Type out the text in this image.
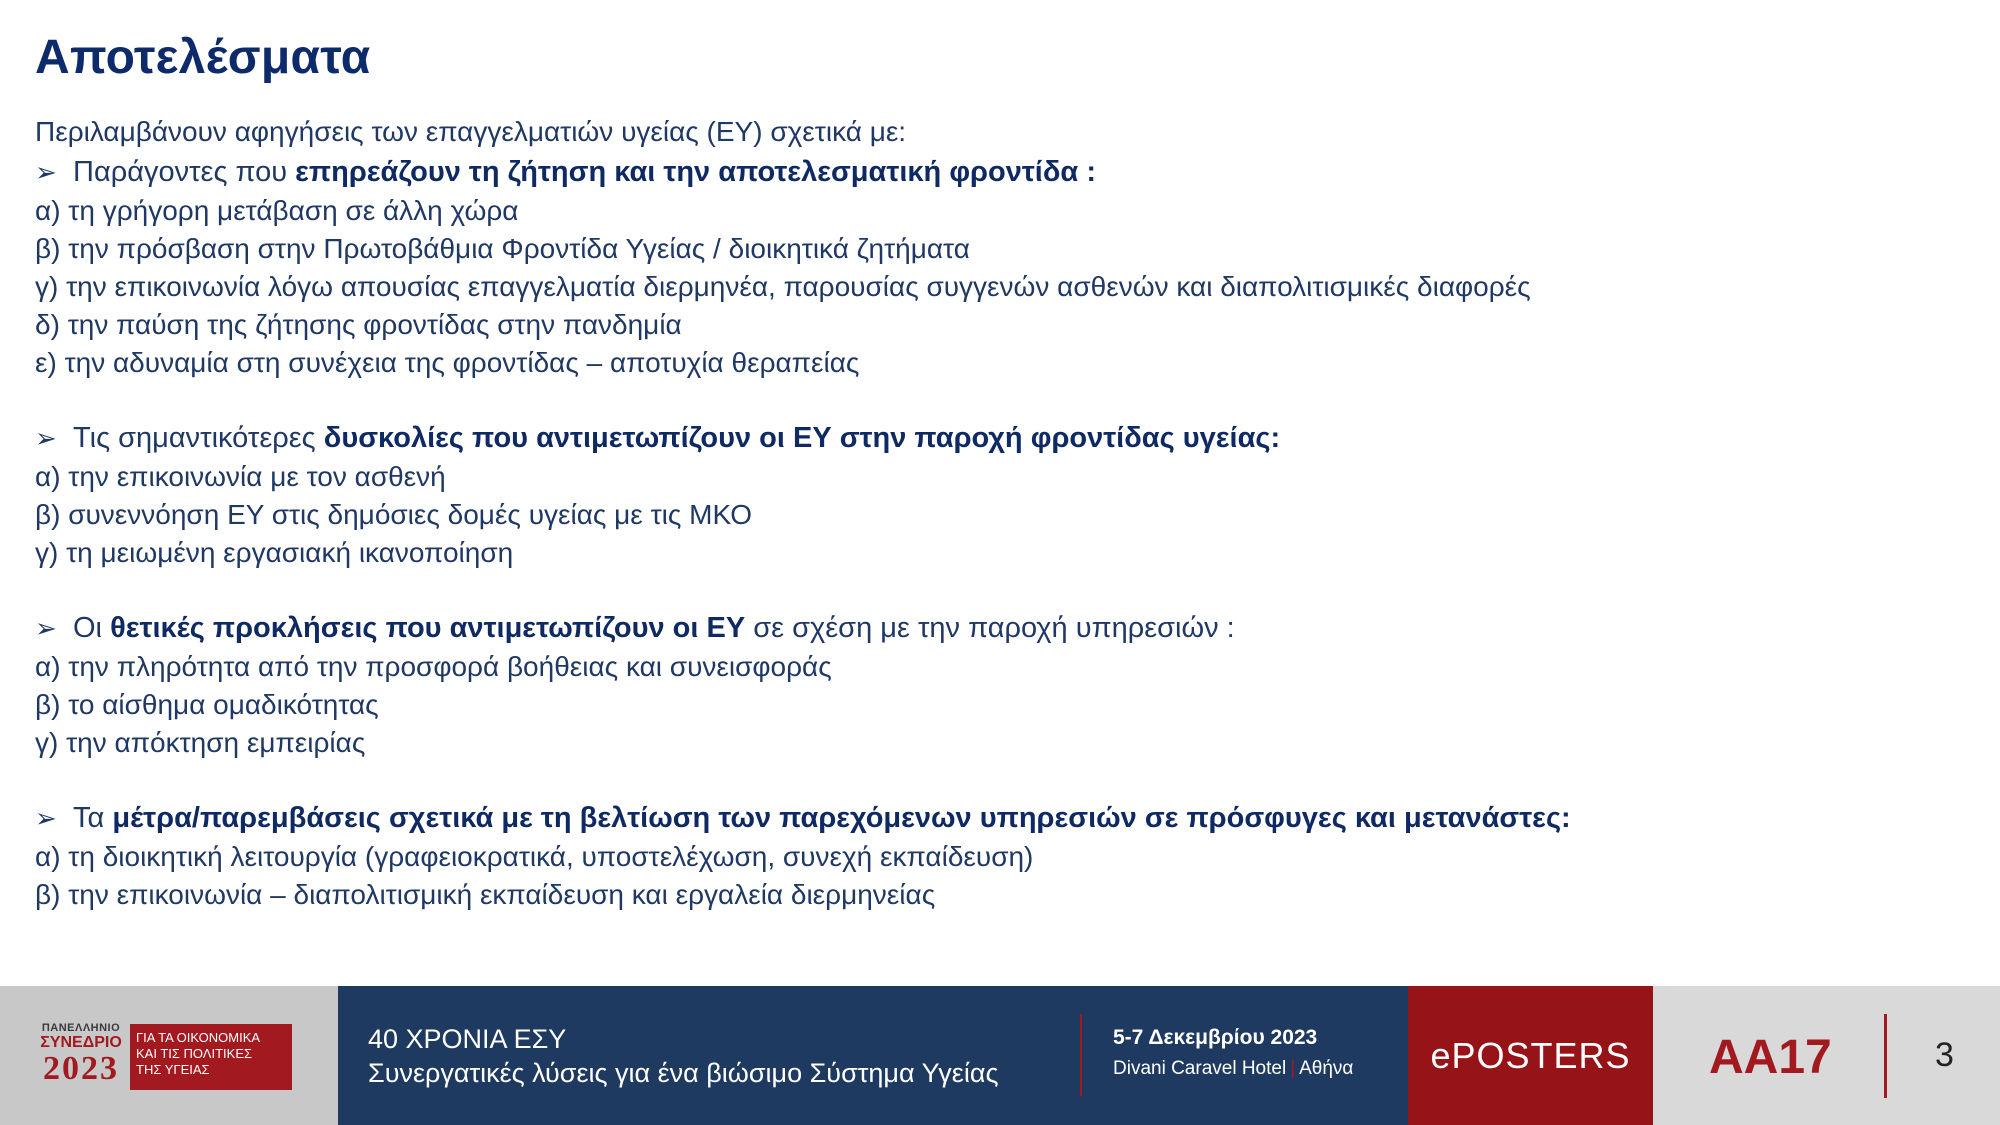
Αποτελέσματα
Περιλαμβάνουν αφηγήσεις των επαγγελματιών υγείας (ΕΥ) σχετικά με:
➢ Παράγοντες που επηρεάζουν τη ζήτηση και την αποτελεσματική φροντίδα :
α) τη γρήγορη μετάβαση σε άλλη χώρα
β) την πρόσβαση στην Πρωτοβάθμια Φροντίδα Υγείας / διοικητικά ζητήματα
γ) την επικοινωνία λόγω απουσίας επαγγελματία διερμηνέα, παρουσίας συγγενών ασθενών και διαπολιτισμικές διαφορές
δ) την παύση της ζήτησης φροντίδας στην πανδημία
ε) την αδυναμία στη συνέχεια της φροντίδας – αποτυχία θεραπείας
➢ Τις σημαντικότερες δυσκολίες που αντιμετωπίζουν οι ΕΥ στην παροχή φροντίδας υγείας:
α) την επικοινωνία με τον ασθενή
β) συνεννόηση ΕΥ στις δημόσιες δομές υγείας με τις ΜΚΟ
γ) τη μειωμένη εργασιακή ικανοποίηση
➢ Οι θετικές προκλήσεις που αντιμετωπίζουν οι ΕΥ σε σχέση με την παροχή υπηρεσιών :
α) την πληρότητα από την προσφορά βοήθειας και συνεισφοράς
β) το αίσθημα ομαδικότητας
γ) την απόκτηση εμπειρίας
➢ Τα μέτρα/παρεμβάσεις σχετικά με τη βελτίωση των παρεχόμενων υπηρεσιών σε πρόσφυγες και μετανάστες:
α) τη διοικητική λειτουργία (γραφειοκρατικά, υποστελέχωση, συνεχή εκπαίδευση)
β) την επικοινωνία – διαπολιτισμική εκπαίδευση και εργαλεία διερμηνείας
ΠΑΝΕΛΛΗΝΙΟ
ΣΥΝΕΔΡΙΟ
2023
ΓΙΑ ΤΑ ΟΙΚΟΝΟΜΙΚΑ
ΚΑΙ ΤΙΣ ΠΟΛΙΤΙΚΕΣ
ΤΗΣ ΥΓΕΙΑΣ
40 ΧΡΟΝΙΑ ΕΣΥ
Συνεργατικές λύσεις για ένα βιώσιμο Σύστημα Υγείας
5-7 Δεκεμβρίου 2023
Divani Caravel Hotel | Αθήνα	ePOSTERS	ΑΑ17	3
